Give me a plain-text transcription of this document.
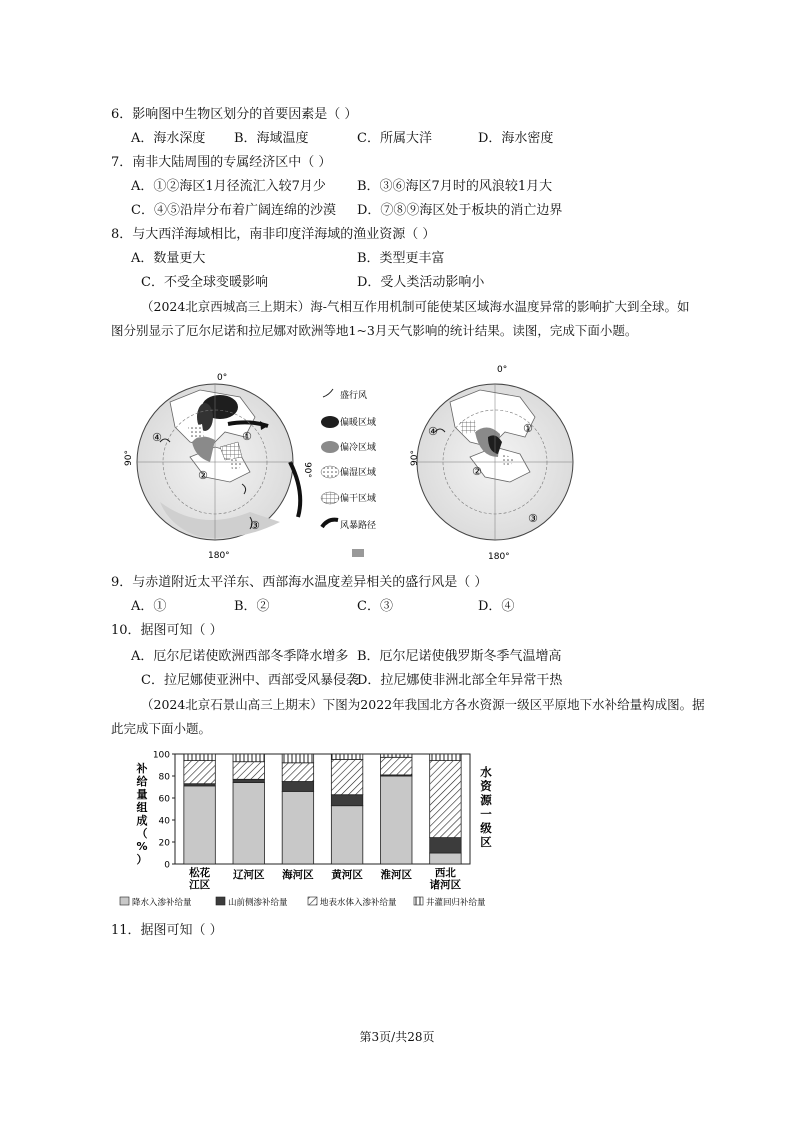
6．影响图中生物区划分的首要因素是（ ）
A．海水深度 B．海域温度	C．所属大洋	D．海水密度
7．南非大陆周围的专属经济区中（ ）
A．①②海区1月径流汇入较7月少 B．③⑥海区7月时的风浪较1月大
C．④⑤沿岸分布着广阔连绵的沙漠 D．⑦⑧⑨海区处于板块的消亡边界
8．与大西洋海域相比，南非印度洋海域的渔业资源（ ）
A．数量更大	B．类型更丰富
C．不受全球变暖影响	D．受人类活动影响小
（2024北京西城高三上期末）海-气相互作用机制可能使某区域海水温度异常的影响扩大到全球。如
图分别显示了厄尔尼诺和拉尼娜对欧洲等地1~3月天气影响的统计结果。读图，完成下面小题。
0°
90°
180°
④
②
③
①
盛行风
偏暖区域
偏冷区域
偏湿区域
偏干区域
风暴路径
90°
0°
90°
180°
④	①
②
③
9．与赤道附近太平洋东、西部海水温度差异相关的盛行风是（ ）
A．①	B．②	C．③	D．④
10．据图可知（ ）
A．厄尔尼诺使欧洲西部冬季降水增多 B．厄尔尼诺使俄罗斯冬季气温增高
C．拉尼娜使亚洲中、西部受风暴侵袭
D．拉尼娜使非洲北部全年异常干热
（2024北京石景山高三上期末）下图为2022年我国北方各水资源一级区平原地下水补给量构成图。据
此完成下面小题。
补
给
量
组
成
（
%
） 0
20
40
60
80
100
松花
江区
辽河区 海河区 黄河区 淮河区 西北
诸河区
水
资
源
一
级
区
降水入渗补给量	山前侧渗补给量	地表水体入渗补给量	井灌回归补给量
11．据图可知（ ）
第3页/共28页
